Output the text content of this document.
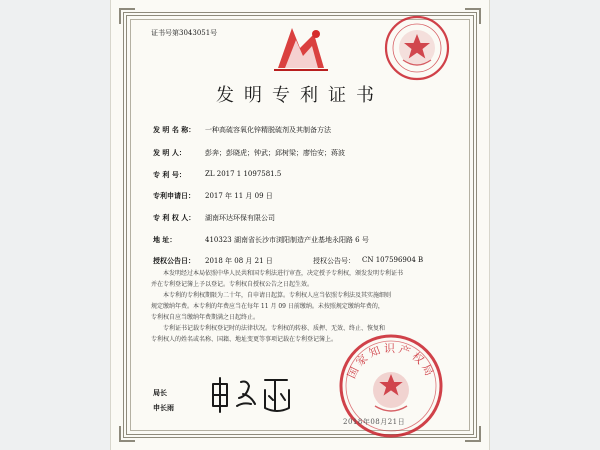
证书号第3043051号
发明专利证书
发 明 名 称： 一种高硫容氧化锌精脱硫剂及其制备方法
发 明 人：	彭奔；彭晓虎；钟武；邱树梁；廖怡安；蒋波
专 利 号：	ZL 2017 1 1097581.5
专利申请日： 2017 年 11 月 09 日
专 利 权 人： 湖南环达环保有限公司
地 址：	410323 湖南省长沙市浏阳制造产业基地永阳路 6 号
授权公告日： 2018 年 08 月 21 日	授权公告号： CN 107596904 B
本发明经过本局依照中华人民共和国专利法进行审查，决定授予专利权，颁发发明专利证书
并在专利登记簿上予以登记。专利权自授权公告之日起生效。
本专利的专利权期限为二十年，自申请日起算。专利权人应当依照专利法及其实施细则
规定缴纳年费。本专利的年费应当在每年 11 月 09 日前缴纳。未按照规定缴纳年费的，
专利权自应当缴纳年费期满之日起终止。
专利证书记载专利权登记时的法律状况。专利权的转移、质押、无效、终止、恢复和
专利权人的姓名或名称、国籍、地址变更等事项记载在专利登记簿上。
局长
申长雨
国家知识产权局
2018年08月21日
